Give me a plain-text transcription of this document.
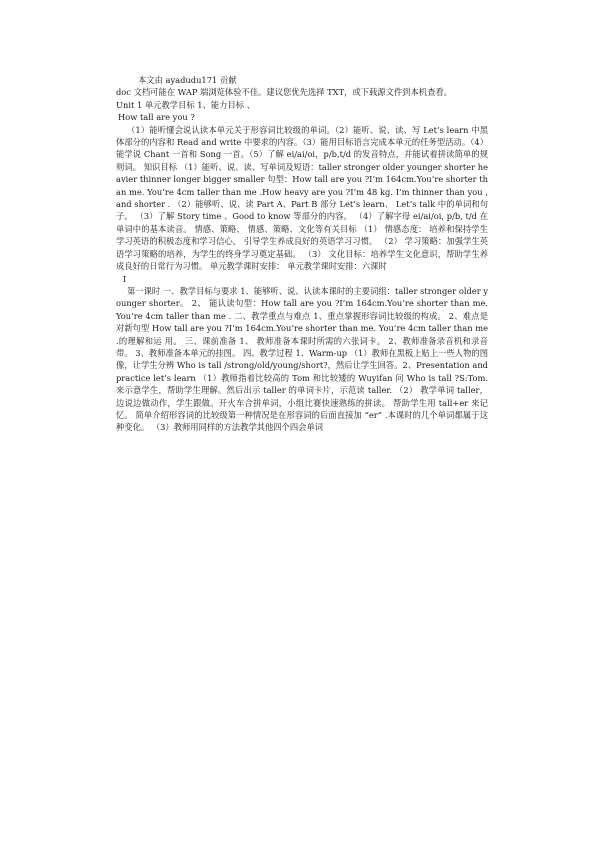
本文由 ayadudu171 贡献

doc 文档可能在 WAP 端浏览体验不佳。建议您优先选择 TXT，或下载源文件到本机查看。

Unit 1 单元教学目标 1、能力目标 、

How tall are you ?

（1）能听懂会说认读本单元关于形容词比较级的单词。（2）能听、说、读、写 Let’s learn 中黑体部分的内容和 Read and write 中要求的内容。（3）能用目标语言完成本单元的任务型活动。（4）能学说 Chant 一首和 Song 一首。（5）了解 ei/ai/oi，p/b,t/d 的发音特点，并能试着拼读简单的规则词。 知识目标 （1）能听、说、读、写单词及短语：taller stronger older younger shorter heavier thinner longer bigger smaller 句型：How tall are you ?I’m 164cm.You’re shorter than me. You’re 4cm taller than me .How heavy are you ?I’m 48 kg. I’m thinner than you , and shorter . （2）能够听、说、读 Part A、Part B 部分 Let’s learn、 Let’s talk 中的单词和句子。 （3）了解 Story time 、Good to know 等部分的内容。 （4）了解字母 ei/ai/oi, p/b, t/d 在单词中的基本读音。 情感、策略、 情感、策略、文化等有关目标 （1） 情感态度： 培养和保持学生学习英语的积极态度和学习信心， 引导学生养成良好的英语学习习惯。 （2） 学习策略：加强学生英语学习策略的培养，为学生的终身学习奠定基础。 （3） 文化目标：培养学生文化意识，帮助学生养成良好的日常行为习惯。 单元教学课时安排： 单元教学课时安排：六课时

I

第一课时 一、教学目标与要求 1、能够听、说、认读本课时的主要词组：taller stronger older younger shorter。 2、 能认读句型：How tall are you ?I’m 164cm.You’re shorter than me. You’re 4cm taller than me . 二、教学重点与难点 1、重点掌握形容词比较级的构成。 2、难点是对新句型 How tall are you ?I’m 164cm.You’re shorter than me. You’re 4cm taller than me .的理解和运 用。 三、课前准备 1、 教师准备本课时所需的六张词卡。 2、教师准备录音机和录音带。 3、教师准备本单元的挂图。 四、教学过程 1、Warm-up （1）教师在黑板上贴上一些人物的图像，让学生分辨 Who is tall /strong/old/young/short?，然后让学生回答。2、Presentation and practice let’s learn （1）教师指着比较高的 Tom 和比较矮的 Wuyifan 问 Who is tall ?S:Tom. 来示意学生，帮助学生理解。然后出示 taller 的单词卡片，示范读 taller. （2） 教学单词 taller，边说边做动作，学生跟做。开火车合拼单词，小组比赛快速熟练的拼读。 帮助学生用 tall+er 来记忆。 简单介绍形容词的比较级第一种情况是在形容词的后面直接加 “er” .本课时的几个单词都属于这种变化。 （3）教师用同样的方法教学其他四个四会单词
